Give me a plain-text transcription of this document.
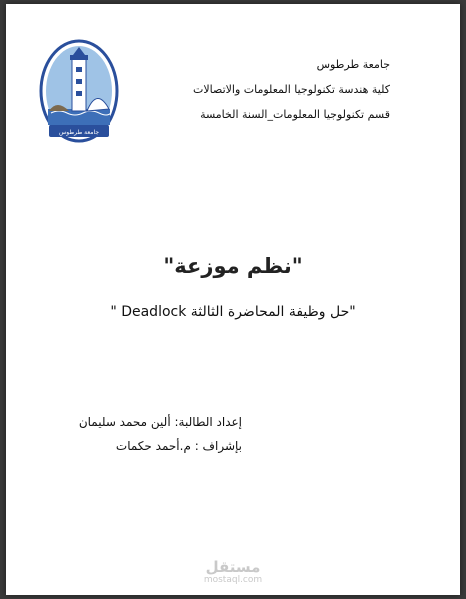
جامعة طرطوس
جامعة طرطوس
كلية هندسة تكنولوجيا المعلومات والاتصالات
قسم تكنولوجيا المعلومات_السنة الخامسة
"نظم موزعة"
"حل وظيفة المحاضرة الثالثة Deadlock "
إعداد الطالبة: ألين محمد سليمان
بإشراف : م.أحمد حكمات
مستقل
mostaql.com
